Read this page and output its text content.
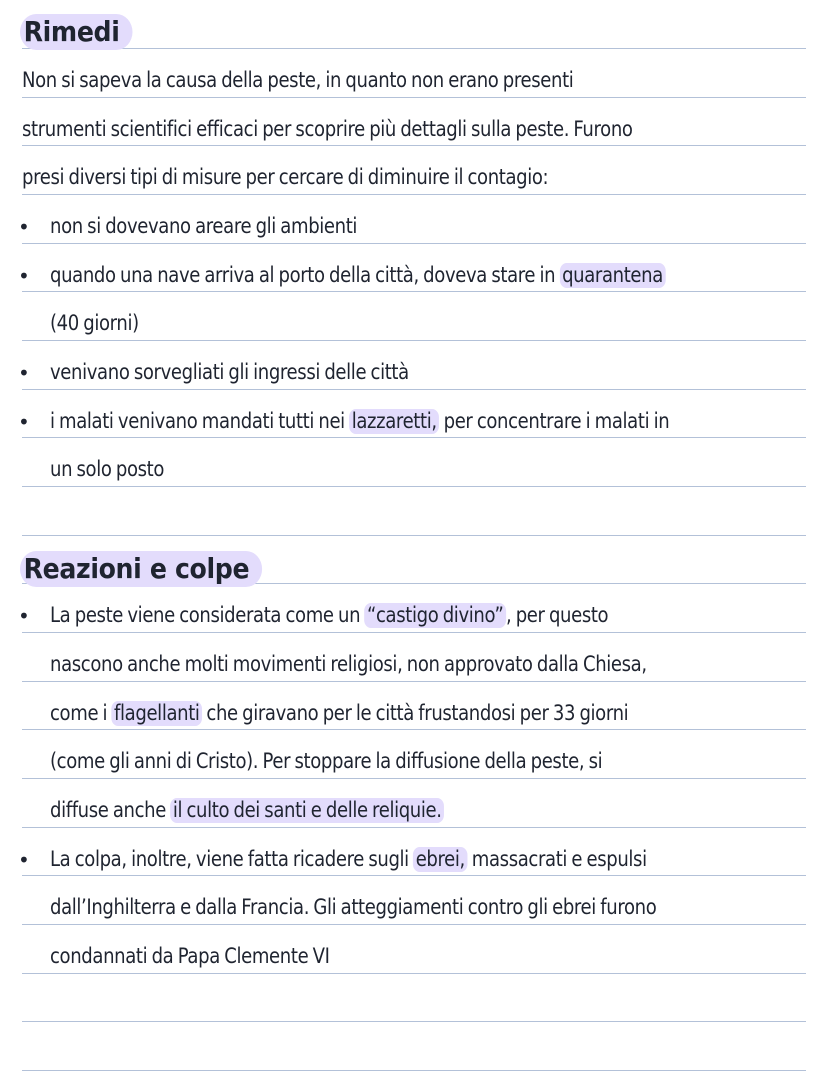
Rimedi
Non si sapeva la causa della peste, in quanto non erano presenti
strumenti scientifici efficaci per scoprire più dettagli sulla peste. Furono
presi diversi tipi di misure per cercare di diminuire il contagio:
• non si dovevano areare gli ambienti
• quando una nave arriva al porto della città, doveva stare in quarantena
(40 giorni)
• venivano sorvegliati gli ingressi delle città
• i malati venivano mandati tutti nei lazzaretti, per concentrare i malati in
un solo posto
Reazioni e colpe
• La peste viene considerata come un “castigo divino” , per questo
nascono anche molti movimenti religiosi, non approvato dalla Chiesa,
come i flagellanti che giravano per le città frustandosi per 33 giorni
(come gli anni di Cristo). Per stoppare la diffusione della peste, si
diffuse anche il culto dei santi e delle reliquie.
• La colpa, inoltre, viene fatta ricadere sugli ebrei, massacrati e espulsi
dall’Inghilterra e dalla Francia. Gli atteggiamenti contro gli ebrei furono
condannati da Papa Clemente VI
